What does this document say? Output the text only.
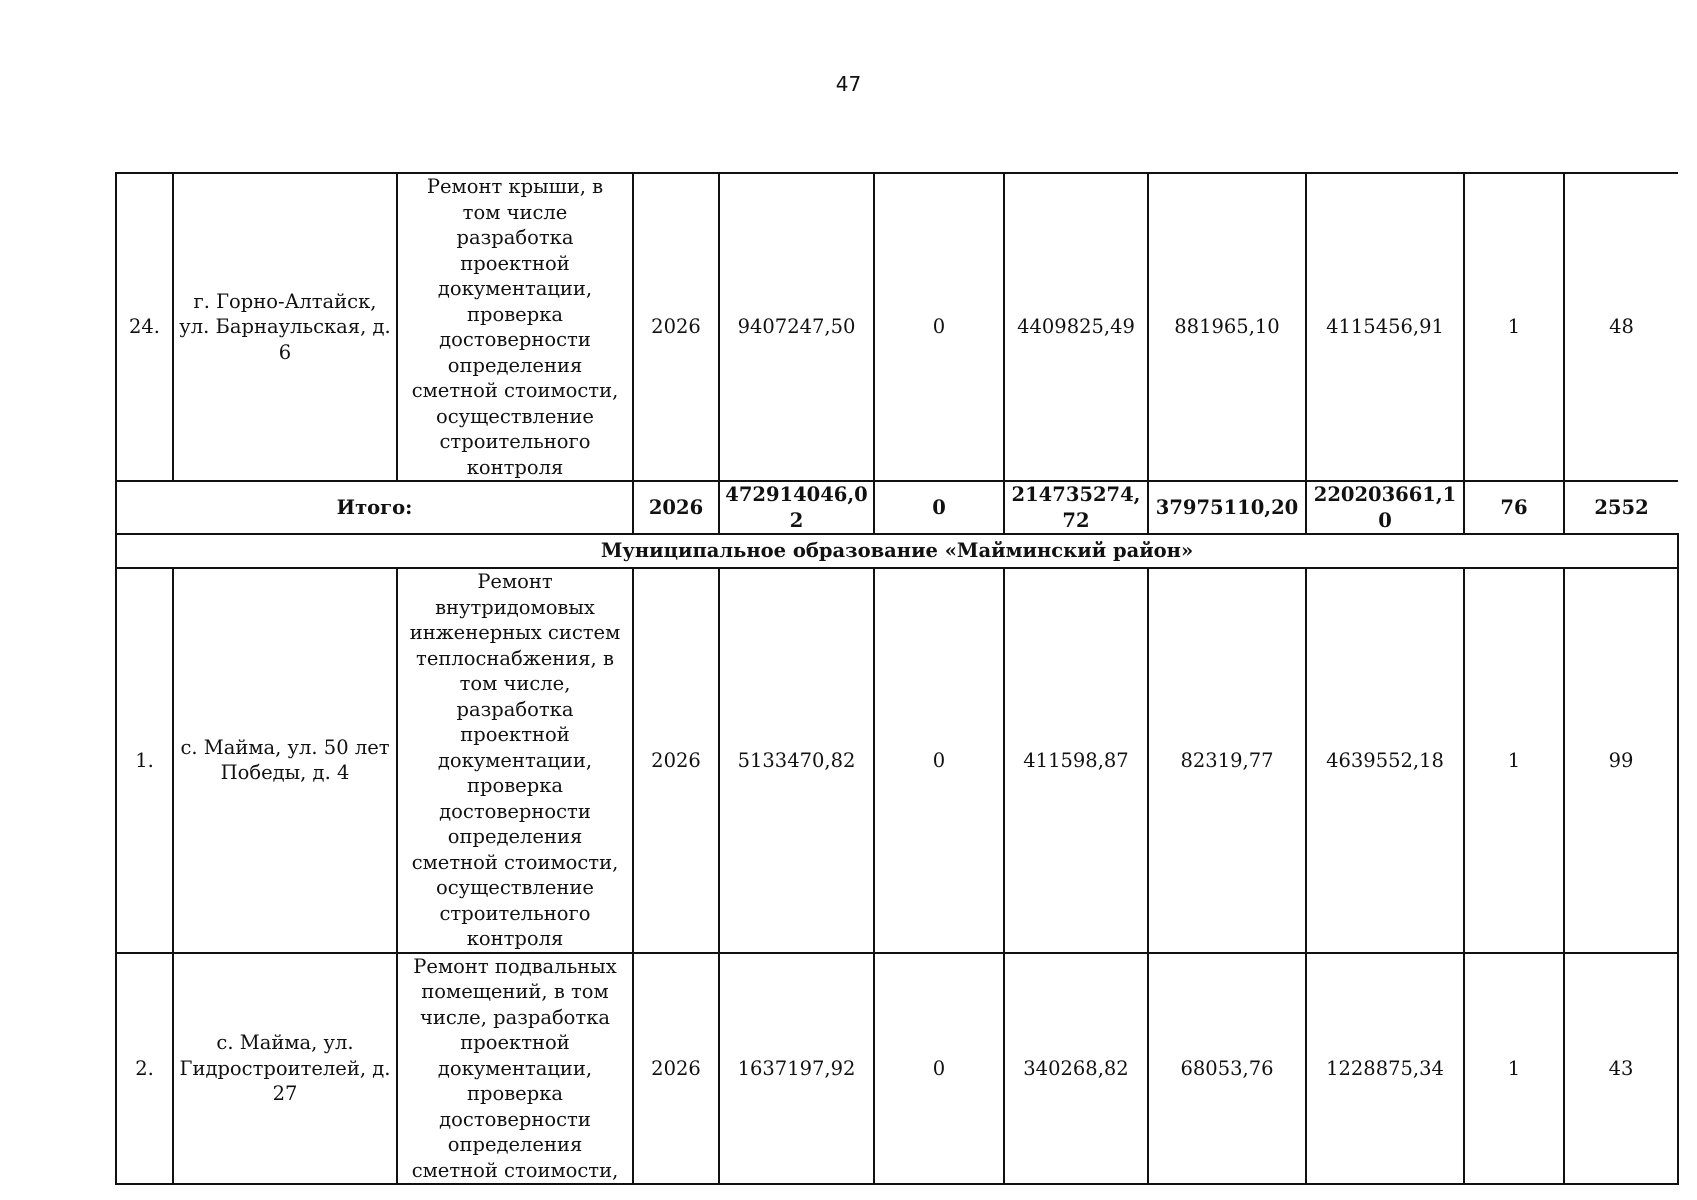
47
24.	г. Горно-Алтайск, ул. Барнаульская, д. 6	Ремонт крыши, в том числе разработка проектной документации, проверка достоверности определения сметной стоимости, осуществление строительного контроля	2026	9407247,50	0	4409825,49	881965,10	4115456,91	1	48
Итого:			2026	472914046,02	0	214735274,72	37975110,20	220203661,10	76	2552
Муниципальное образование «Майминский район»										
1.	с. Майма, ул. 50 лет Победы, д. 4	Ремонт внутридомовых инженерных систем теплоснабжения, в том числе, разработка проектной документации, проверка достоверности определения сметной стоимости, осуществление строительного контроля	2026	5133470,82	0	411598,87	82319,77	4639552,18	1	99
2.	с. Майма, ул. Гидростроителей, д. 27	Ремонт подвальных помещений, в том числе, разработка проектной документации, проверка достоверности определения сметной стоимости,	2026	1637197,92	0	340268,82	68053,76	1228875,34	1	43
